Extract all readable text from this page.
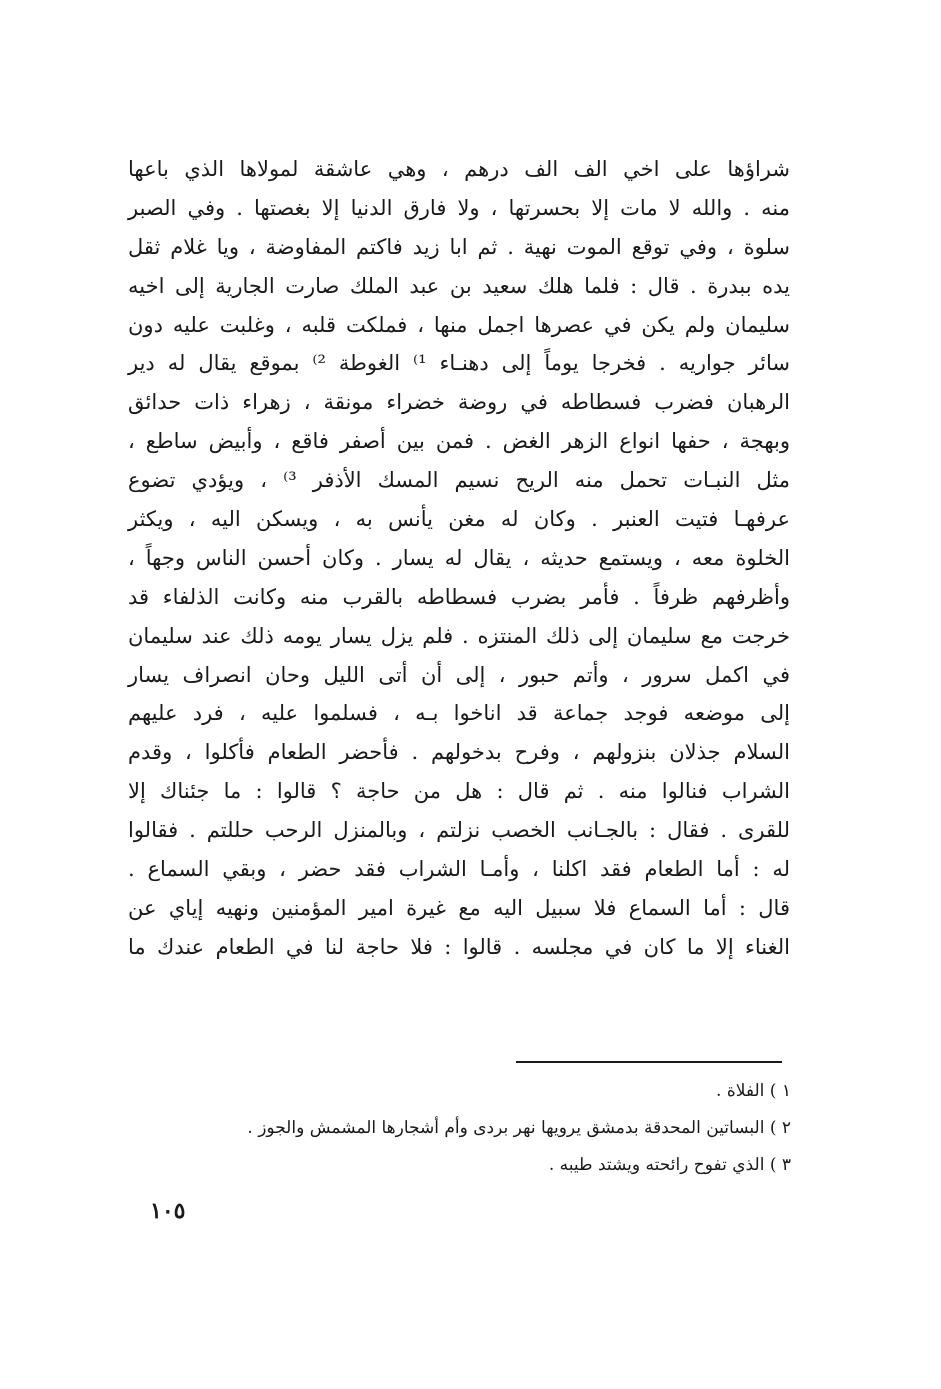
شراؤها على اخي الف الف درهم ، وهي عاشقة لمولاها الذي باعها
منه . والله لا مات إلا بحسرتها ، ولا فارق الدنيا إلا بغصتها . وفي الصبر
سلوة ، وفي توقع الموت نهية . ثم ابا زيد فاكتم المفاوضة ، ويا غلام ثقل
يده ببدرة . قال : فلما هلك سعيد بن عبد الملك صارت الجارية إلى اخيه
سليمان ولم يكن في عصرها اجمل منها ، فملكت قلبه ، وغلبت عليه دون
سائر جواريه . فخرجا يوماً إلى دهنـاء ¹⁾ الغوطة ²⁾ بموقع يقال له دير
الرهبان فضرب فسطاطه في روضة خضراء مونقة ، زهراء ذات حدائق
وبهجة ، حفها انواع الزهر الغض . فمن بين أصفر فاقع ، وأبيض ساطع ،
مثل النبـات تحمل منه الريح نسيم المسك الأذفر ³⁾ ، ويؤدي تضوع
عرفهـا فتيت العنبر . وكان له مغن يأنس به ، ويسكن اليه ، ويكثر
الخلوة معه ، ويستمع حديثه ، يقال له يسار . وكان أحسن الناس وجهاً ،
وأظرفهم ظرفاً . فأمر بضرب فسطاطه بالقرب منه وكانت الذلفاء قد
خرجت مع سليمان إلى ذلك المنتزه . فلم يزل يسار يومه ذلك عند سليمان
في اكمل سرور ، وأتم حبور ، إلى أن أتى الليل وحان انصراف يسار
إلى موضعه فوجد جماعة قد اناخوا بـه ، فسلموا عليه ، فرد عليهم
السلام جذلان بنزولهم ، وفرح بدخولهم . فأحضر الطعام فأكلوا ، وقدم
الشراب فنالوا منه . ثم قال : هل من حاجة ؟ قالوا : ما جئناك إلا
للقرى . فقال : بالجـانب الخصب نزلتم ، وبالمنزل الرحب حللتم . فقالوا
له : أما الطعام فقد اكلنا ، وأمـا الشراب فقد حضر ، وبقي السماع .
قال : أما السماع فلا سبيل اليه مع غيرة امير المؤمنين ونهيه إياي عن
الغناء إلا ما كان في مجلسه . قالوا : فلا حاجة لنا في الطعام عندك ما
١ ) الفلاة .
٢ ) البساتين المحدقة بدمشق يرويها نهر بردى وأم أشجارها المشمش والجوز .
٣ ) الذي تفوح رائحته ويشتد طيبه .
١٠٥
